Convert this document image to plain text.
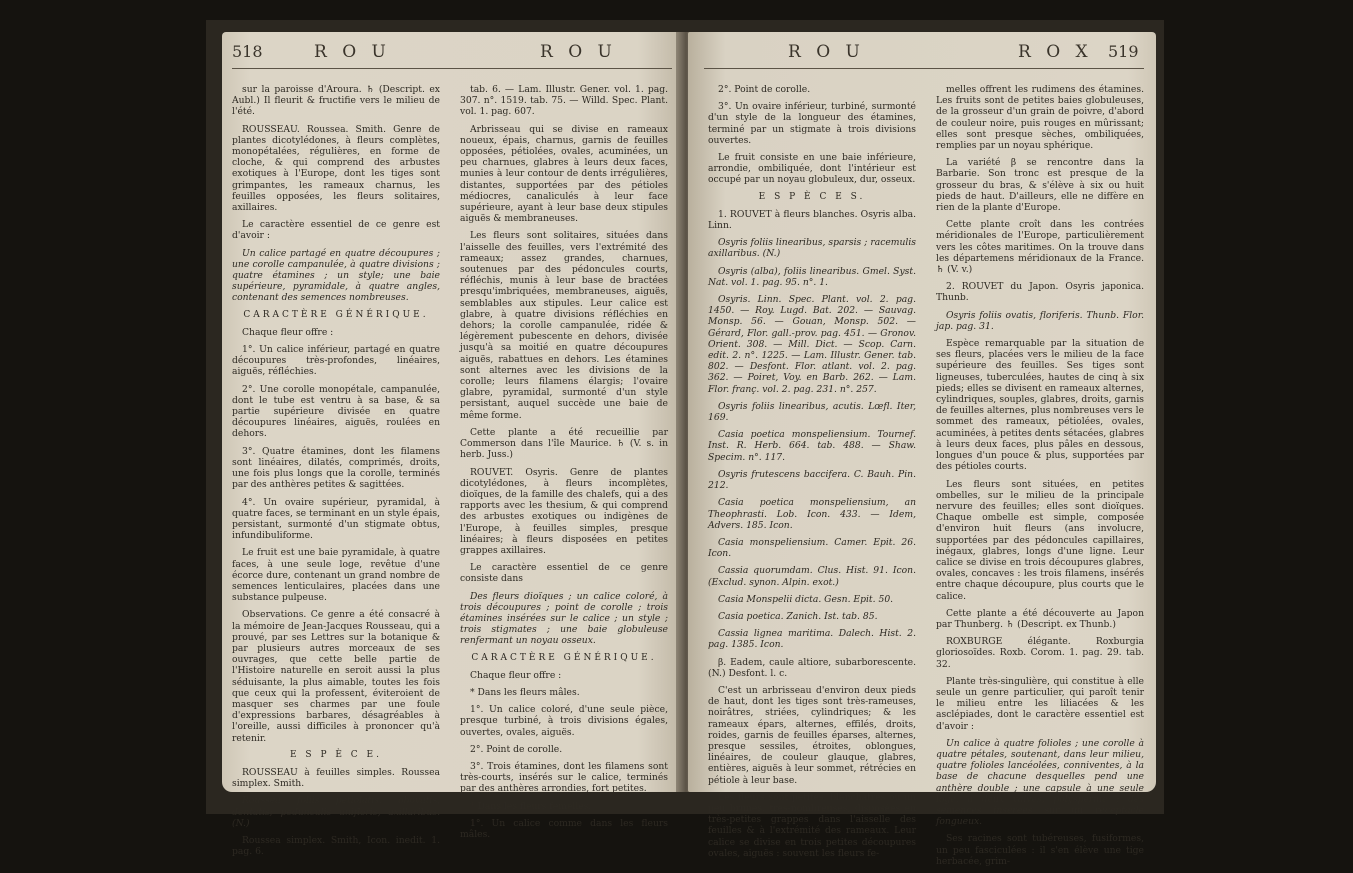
518	R O U	R O U

sur la paroisse d'Aroura. ♄ (Descript. ex Aubl.) Il fleurit & fructifie vers le milieu de l'été.

ROUSSEAU. Roussea. Smith. Genre de plantes dicotylédones, à fleurs complètes, monopétalées, régulières, en forme de cloche, & qui comprend des arbustes exotiques à l'Europe, dont les tiges sont grimpantes, les rameaux charnus, les feuilles opposées, les fleurs solitaires, axillaires.

Le caractère essentiel de ce genre est d'avoir :

Un calice partagé en quatre découpures ; une corolle campanulée, à quatre divisions ; quatre étamines ; un style; une baie supérieure, pyramidale, à quatre angles, contenant des semences nombreuses.

CARACTÈRE GÉNÉRIQUE.

Chaque fleur offre :

1°. Un calice inférieur, partagé en quatre découpures très-profondes, linéaires, aiguës, réfléchies.

2°. Une corolle monopétale, campanulée, dont le tube est ventru à sa base, & sa partie supérieure divisée en quatre découpures linéaires, aiguës, roulées en dehors.

3°. Quatre étamines, dont les filamens sont linéaires, dilatés, comprimés, droits, une fois plus longs que la corolle, terminés par des anthères petites & sagittées.

4°. Un ovaire supérieur, pyramidal, à quatre faces, se terminant en un style épais, persistant, surmonté d'un stigmate obtus, infundibuliforme.

Le fruit est une baie pyramidale, à quatre faces, à une seule loge, revêtue d'une écorce dure, contenant un grand nombre de semences lenticulaires, placées dans une substance pulpeuse.

Observations. Ce genre a été consacré à la mémoire de Jean-Jacques Rousseau, qui a prouvé, par ses Lettres sur la botanique & par plusieurs autres morceaux de ses ouvrages, que cette belle partie de l'Histoire naturelle en seroit aussi la plus séduisante, la plus aimable, toutes les fois que ceux qui la professent, éviteroient de masquer ses charmes par une foule d'expressions barbares, désagréables à l'oreille, aussi difficiles à prononcer qu'à retenir.

E S P È C E.

ROUSSEAU à feuilles simples. Roussea simplex. Smith.

Roussea foliis petiolatis, obovatis, dentatis; pedunculis unifloris, axillaribus. (N.)

Roussea simplex. Smith, Icon. inedit. 1. pag. 6.

tab. 6. — Lam. Illustr. Gener. vol. 1. pag. 307. n°. 1519. tab. 75. — Willd. Spec. Plant. vol. 1. pag. 607.

Arbrisseau qui se divise en rameaux noueux, épais, charnus, garnis de feuilles opposées, pétiolées, ovales, acuminées, un peu charnues, glabres à leurs deux faces, munies à leur contour de dents irrégulières, distantes, supportées par des pétioles médiocres, canaliculés à leur face supérieure, ayant à leur base deux stipules aiguës & membraneuses.

Les fleurs sont solitaires, situées dans l'aisselle des feuilles, vers l'extrémité des rameaux; assez grandes, charnues, soutenues par des pédoncules courts, réfléchis, munis à leur base de bractées presqu'imbriquées, membraneuses, aiguës, semblables aux stipules. Leur calice est glabre, à quatre divisions réfléchies en dehors; la corolle campanulée, ridée & légèrement pubescente en dehors, divisée jusqu'à sa moitié en quatre découpures aiguës, rabattues en dehors. Les étamines sont alternes avec les divisions de la corolle; leurs filamens élargis; l'ovaire glabre, pyramidal, surmonté d'un style persistant, auquel succède une baie de même forme.

Cette plante a été recueillie par Commerson dans l'île Maurice. ♄ (V. s. in herb. Juss.)

ROUVET. Osyris. Genre de plantes dicotylédones, à fleurs incomplètes, dioïques, de la famille des chalefs, qui a des rapports avec les thesium, & qui comprend des arbustes exotiques ou indigènes de l'Europe, à feuilles simples, presque linéaires; à fleurs disposées en petites grappes axillaires.

Le caractère essentiel de ce genre consiste dans

Des fleurs dioïques ; un calice coloré, à trois découpures ; point de corolle ; trois étamines insérées sur le calice ; un style ; trois stigmates ; une baie globuleuse renfermant un noyau osseux.

CARACTÈRE GÉNÉRIQUE.

Chaque fleur offre :

* Dans les fleurs mâles.

1°. Un calice coloré, d'une seule pièce, presque turbiné, à trois divisions égales, ouvertes, ovales, aiguës.

2°. Point de corolle.

3°. Trois étamines, dont les filamens sont très-courts, insérés sur le calice, terminés par des anthères arrondies, fort petites.

* Dans les fleurs femelles.

1°. Un calice comme dans les fleurs mâles.

R O U	R O X 519

2°. Point de corolle.

3°. Un ovaire inférieur, turbiné, surmonté d'un style de la longueur des étamines, terminé par un stigmate à trois divisions ouvertes.

Le fruit consiste en une baie inférieure, arrondie, ombiliquée, dont l'intérieur est occupé par un noyau globuleux, dur, osseux.

E S P È C E S.

1. ROUVET à fleurs blanches. Osyris alba. Linn.

Osyris foliis linearibus, sparsis ; racemulis axillaribus. (N.)

Osyris (alba), foliis linearibus. Gmel. Syst. Nat. vol. 1. pag. 95. n°. 1.

Osyris. Linn. Spec. Plant. vol. 2. pag. 1450. — Roy. Lugd. Bat. 202. — Sauvag. Monsp. 56. — Gouan, Monsp. 502. — Gérard, Flor. gall.-prov. pag. 451. — Gronov. Orient. 308. — Mill. Dict. — Scop. Carn. edit. 2. n°. 1225. — Lam. Illustr. Gener. tab. 802. — Desfont. Flor. atlant. vol. 2. pag. 362. — Poiret, Voy. en Barb. 262. — Lam. Flor. franç. vol. 2. pag. 231. n°. 257.

Osyris foliis linearibus, acutis. Lœfl. Iter, 169.

Casia poetica monspeliensium. Tournef. Inst. R. Herb. 664. tab. 488. — Shaw. Specim. n°. 117.

Osyris frutescens baccifera. C. Bauh. Pin. 212.

Casia poetica monspeliensium, an Theophrasti. Lob. Icon. 433. — Idem, Advers. 185. Icon.

Casia monspeliensium. Camer. Epit. 26. Icon.

Cassia quorumdam. Clus. Hist. 91. Icon. (Exclud. synon. Alpin. exot.)

Casia Monspelii dicta. Gesn. Epit. 50.

Casia poetica. Zanich. Ist. tab. 85.

Cassia lignea maritima. Dalech. Hist. 2. pag. 1385. Icon.

β. Eadem, caule altiore, subarborescente. (N.) Desfont. l. c.

C'est un arbrisseau d'environ deux pieds de haut, dont les tiges sont très-rameuses, noirâtres, striées, cylindriques; & les rameaux épars, alternes, effilés, droits, roides, garnis de feuilles éparses, alternes, presque sessiles, étroites, oblongues, linéaires, de couleur glauque, glabres, entières, aiguës à leur sommet, rétrécies en pétiole à leur base.

Les fleurs sont petites, blanchâtres ou un peu brunes, très-nombreuses, disposées en très-petites grappes dans l'aisselle des feuilles & à l'extrémité des rameaux. Leur calice se divise en trois petites découpures ovales, aiguës : souvent les fleurs fe-

melles offrent les rudimens des étamines. Les fruits sont de petites baies globuleuses, de la grosseur d'un grain de poivre, d'abord de couleur noire, puis rouges en mûrissant; elles sont presque sèches, ombiliquées, remplies par un noyau sphérique.

La variété β se rencontre dans la Barbarie. Son tronc est presque de la grosseur du bras, & s'élève à six ou huit pieds de haut. D'ailleurs, elle ne diffère en rien de la plante d'Europe.

Cette plante croît dans les contrées méridionales de l'Europe, particulièrement vers les côtes maritimes. On la trouve dans les départemens méridionaux de la France. ♄ (V. v.)

2. ROUVET du Japon. Osyris japonica. Thunb.

Osyris foliis ovatis, floriferis. Thunb. Flor. jap. pag. 31.

Espèce remarquable par la situation de ses fleurs, placées vers le milieu de la face supérieure des feuilles. Ses tiges sont ligneuses, tuberculées, hautes de cinq à six pieds; elles se divisent en rameaux alternes, cylindriques, souples, glabres, droits, garnis de feuilles alternes, plus nombreuses vers le sommet des rameaux, pétiolées, ovales, acuminées, à petites dents sétacées, glabres à leurs deux faces, plus pâles en dessous, longues d'un pouce & plus, supportées par des pétioles courts.

Les fleurs sont situées, en petites ombelles, sur le milieu de la principale nervure des feuilles; elles sont dioïques. Chaque ombelle est simple, composée d'environ huit fleurs (ans involucre, supportées par des pédoncules capillaires, inégaux, glabres, longs d'une ligne. Leur calice se divise en trois découpures glabres, ovales, concaves : les trois filamens, insérés entre chaque découpure, plus courts que le calice.

Cette plante a été découverte au Japon par Thunberg. ♄ (Descript. ex Thunb.)

ROXBURGE élégante. Roxburgia gloriosoïdes. Roxb. Corom. 1. pag. 29. tab. 32.

Plante très-singulière, qui constitue à elle seule un genre particulier, qui paroît tenir le milieu entre les liliacées & les asclépiades, dont le caractère essentiel est d'avoir :

Un calice à quatre folioles ; une corolle à quatre pétales, soutenant, dans leur milieu, quatre folioles lancéolées, conniventes, à la base de chacune desquelles pend une anthère double ; une capsule à une seule loge, à deux valves, polysperme ; des semences insérées sur un réceptacle fongueux.

Ses racines sont tubéreuses, fusiformes, un peu fasciculées : il s'en élève une tige herbacée, grim-
